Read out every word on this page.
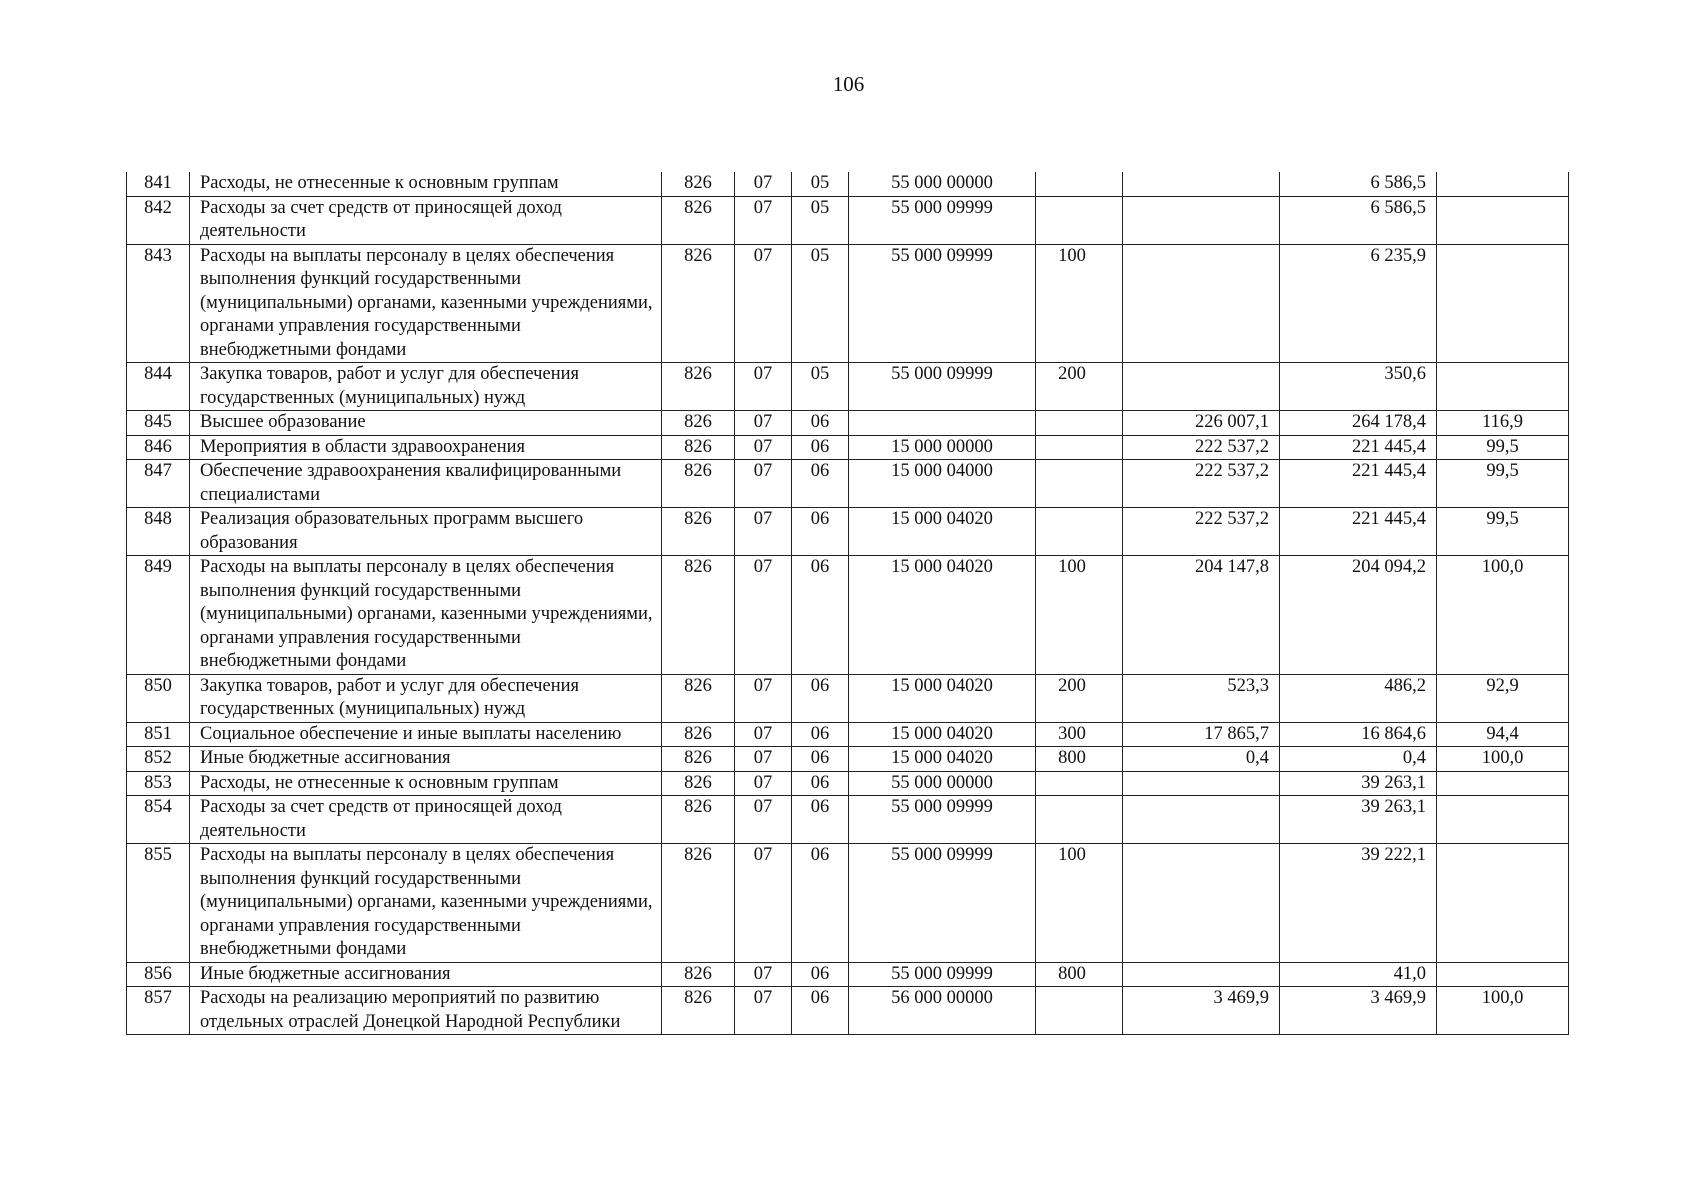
106
841	Расходы, не отнесенные к основным группам	826	07	05	55 000 00000			6 586,5	
842	Расходы за счет средств от приносящей доход деятельности	826	07	05	55 000 09999			6 586,5	
843	Расходы на выплаты персоналу в целях обеспечения выполнения функций государственными (муниципальными) органами, казенными учреждениями, органами управления государственными внебюджетными фондами	826	07	05	55 000 09999	100		6 235,9	
844	Закупка товаров, работ и услуг для обеспечения государственных (муниципальных) нужд	826	07	05	55 000 09999	200		350,6	
845	Высшее образование	826	07	06			226 007,1	264 178,4	116,9
846	Мероприятия в области здравоохранения	826	07	06	15 000 00000		222 537,2	221 445,4	99,5
847	Обеспечение здравоохранения квалифицированными специалистами	826	07	06	15 000 04000		222 537,2	221 445,4	99,5
848	Реализация образовательных программ высшего образования	826	07	06	15 000 04020		222 537,2	221 445,4	99,5
849	Расходы на выплаты персоналу в целях обеспечения выполнения функций государственными (муниципальными) органами, казенными учреждениями, органами управления государственными внебюджетными фондами	826	07	06	15 000 04020	100	204 147,8	204 094,2	100,0
850	Закупка товаров, работ и услуг для обеспечения государственных (муниципальных) нужд	826	07	06	15 000 04020	200	523,3	486,2	92,9
851	Социальное обеспечение и иные выплаты населению	826	07	06	15 000 04020	300	17 865,7	16 864,6	94,4
852	Иные бюджетные ассигнования	826	07	06	15 000 04020	800	0,4	0,4	100,0
853	Расходы, не отнесенные к основным группам	826	07	06	55 000 00000			39 263,1	
854	Расходы за счет средств от приносящей доход деятельности	826	07	06	55 000 09999			39 263,1	
855	Расходы на выплаты персоналу в целях обеспечения выполнения функций государственными (муниципальными) органами, казенными учреждениями, органами управления государственными внебюджетными фондами	826	07	06	55 000 09999	100		39 222,1	
856	Иные бюджетные ассигнования	826	07	06	55 000 09999	800		41,0	
857	Расходы на реализацию мероприятий по развитию отдельных отраслей Донецкой Народной Республики	826	07	06	56 000 00000		3 469,9	3 469,9	100,0
